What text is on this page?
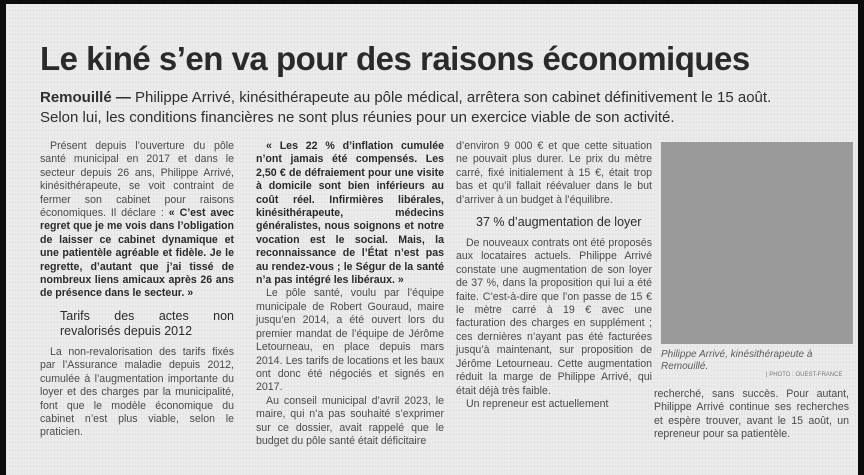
Le kiné s’en va pour des raisons économiques

Remouillé — Philippe Arrivé, kinésithérapeute au pôle médical, arrêtera son cabinet définitivement le 15 août. Selon lui, les conditions financières ne sont plus réunies pour un exercice viable de son activité.

Présent depuis l’ouverture du pôle santé municipal en 2017 et dans le secteur depuis 26 ans, Philippe Arrivé, kinésithérapeute, se voit contraint de fermer son cabinet pour raisons économiques. Il déclare : « C’est avec regret que je me vois dans l’obligation de laisser ce cabinet dynamique et une patientèle agréable et fidèle. Je le regrette, d’autant que j’ai tissé de nombreux liens amicaux après 26 ans de présence dans le secteur. »

Tarifs des actes non revalorisés depuis 2012

La non-revalorisation des tarifs fixés par l’Assurance maladie depuis 2012, cumulée à l’augmentation importante du loyer et des charges par la municipalité, font que le modèle économique du cabinet n’est plus viable, selon le praticien.

« Les 22 % d’inflation cumulée n’ont jamais été compensés. Les 2,50 € de défraiement pour une visite à domicile sont bien inférieurs au coût réel. Infirmières libérales, kinésithérapeute, médecins généralistes, nous soignons et notre vocation est le social. Mais, la reconnaissance de l’État n’est pas au rendez-vous ; le Ségur de la santé n’a pas intégré les libéraux. »

Le pôle santé, voulu par l’équipe municipale de Robert Gouraud, maire jusqu’en 2014, a été ouvert lors du premier mandat de l’équipe de Jérôme Letourneau, en place depuis mars 2014. Les tarifs de locations et les baux ont donc été négociés et signés en 2017.

Au conseil municipal d’avril 2023, le maire, qui n’a pas souhaité s’exprimer sur ce dossier, avait rappelé que le budget du pôle santé était déficitaire

d’environ 9 000 € et que cette situation ne pouvait plus durer. Le prix du mètre carré, fixé initialement à 15 €, était trop bas et qu’il fallait réévaluer dans le but d’arriver à un budget à l’équilibre.

37 % d’augmentation de loyer

De nouveaux contrats ont été proposés aux locataires actuels. Philippe Arrivé constate une augmentation de son loyer de 37 %, dans la proposition qui lui a été faite. C’est-à-dire que l’on passe de 15 € le mètre carré à 19 € avec une facturation des charges en supplément ; ces dernières n’ayant pas été facturées jusqu’à maintenant, sur proposition de Jérôme Letourneau. Cette augmentation réduit la marge de Philippe Arrivé, qui était déjà très faible.

Un repreneur est actuellement

Philippe Arrivé, kinésithérapeute à Remouillé.
| PHOTO : OUEST-FRANCE

recherché, sans succès. Pour autant, Philippe Arrivé continue ses recherches et espère trouver, avant le 15 août, un repreneur pour sa patientèle.
